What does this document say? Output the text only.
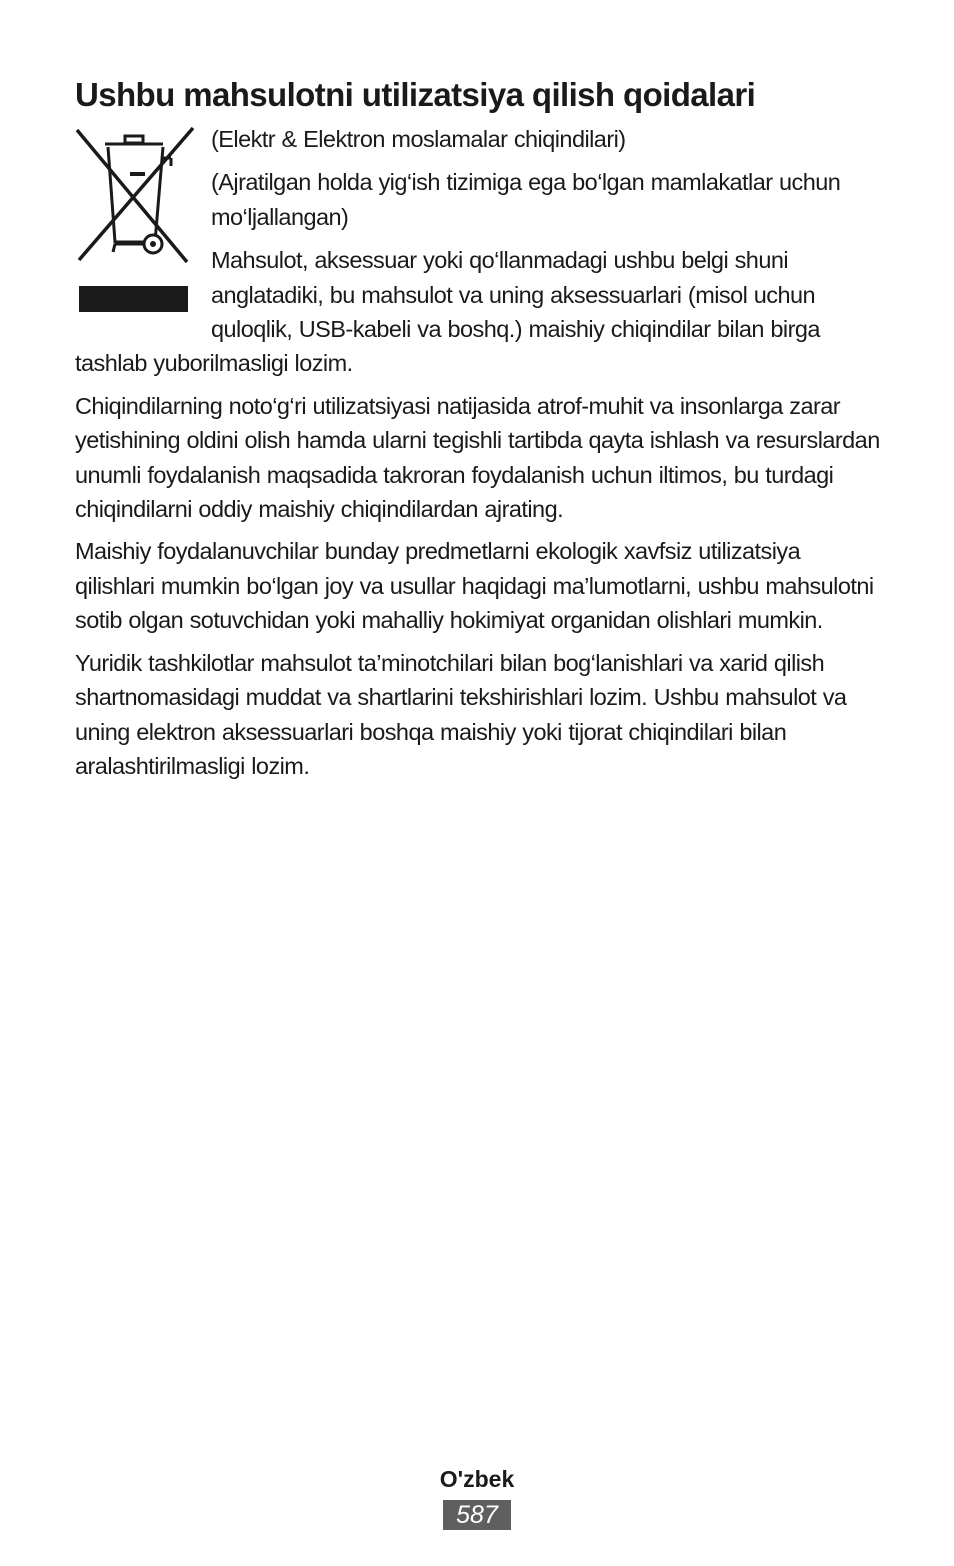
Ushbu mahsulotni utilizatsiya qilish qoidalari

(Elektr & Elektron moslamalar chiqindilari)

(Ajratilgan holda yig‘ish tizimiga ega bo‘lgan mamlakatlar uchun mo‘ljallangan)

Mahsulot, aksessuar yoki qo‘llanmadagi ushbu belgi shuni anglatadiki, bu mahsulot va uning aksessuarlari (misol uchun quloqlik, USB-kabeli va boshq.) maishiy chiqindilar bilan birga tashlab yuborilmasligi lozim.

Chiqindilarning noto‘g‘ri utilizatsiyasi natijasida atrof-muhit va insonlarga zarar yetishining oldini olish hamda ularni tegishli tartibda qayta ishlash va resurslardan unumli foydalanish maqsadida takroran foydalanish uchun iltimos, bu turdagi chiqindilarni oddiy maishiy chiqindilardan ajrating.

Maishiy foydalanuvchilar bunday predmetlarni ekologik xavfsiz utilizatsiya qilishlari mumkin bo‘lgan joy va usullar haqidagi ma’lumotlarni, ushbu mahsulotni sotib olgan sotuvchidan yoki mahalliy hokimiyat organidan olishlari mumkin.

Yuridik tashkilotlar mahsulot ta’minotchilari bilan bog‘lanishlari va xarid qilish shartnomasidagi muddat va shartlarini tekshirishlari lozim. Ushbu mahsulot va uning elektron aksessuarlari boshqa maishiy yoki tijorat chiqindilari bilan aralashtirilmasligi lozim.

O'zbek
587
